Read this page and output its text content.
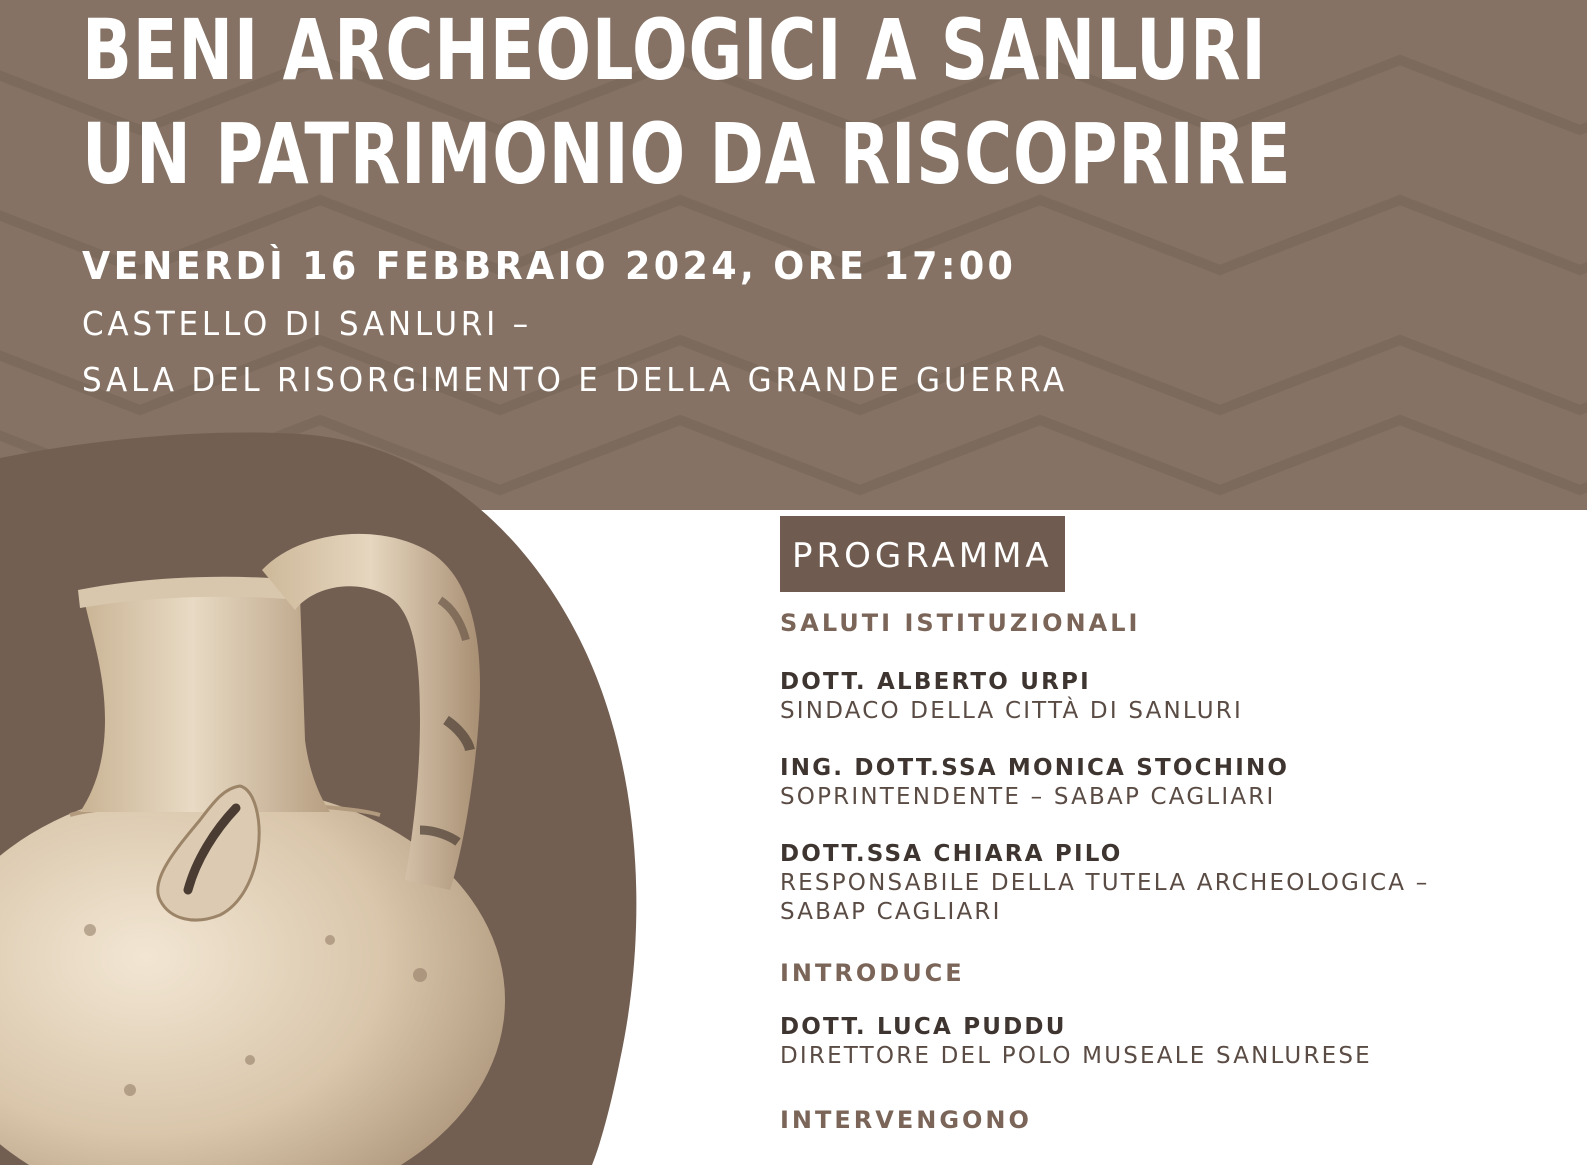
BENI ARCHEOLOGICI A SANLURI
UN PATRIMONIO DA RISCOPRIRE
VENERDÌ 16 FEBBRAIO 2024, ORE 17:00
CASTELLO DI SANLURI –
SALA DEL RISORGIMENTO E DELLA GRANDE GUERRA
PROGRAMMA
SALUTI ISTITUZIONALI
DOTT. ALBERTO URPI
SINDACO DELLA CITTÀ DI SANLURI
ING. DOTT.SSA MONICA STOCHINO
SOPRINTENDENTE – SABAP CAGLIARI
DOTT.SSA CHIARA PILO
RESPONSABILE DELLA TUTELA ARCHEOLOGICA –
SABAP CAGLIARI
INTRODUCE
DOTT. LUCA PUDDU
DIRETTORE DEL POLO MUSEALE SANLURESE
INTERVENGONO
